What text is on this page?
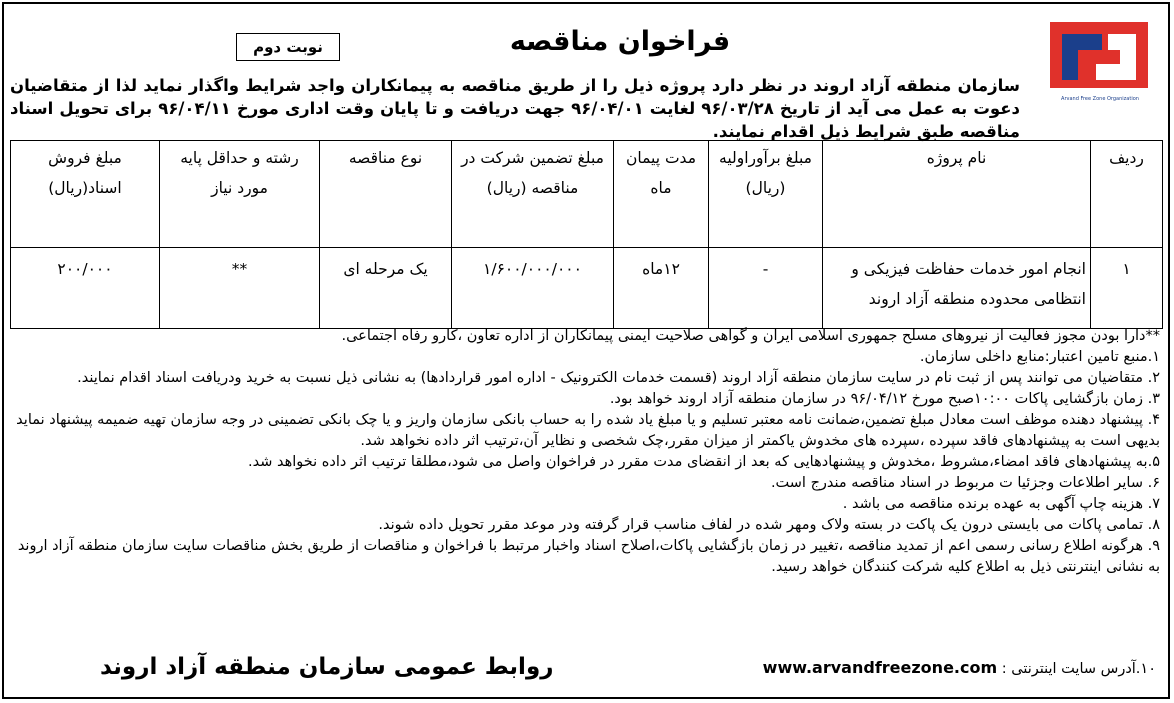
Arvand Free Zone Organization
فراخوان مناقصه
نوبت دوم
سازمان منطقه آزاد اروند در نظر دارد پروژه ذیل را از طریق مناقصه به پیمانکاران واجد شرایط واگذار نماید لذا از متقاضیان دعوت به عمل می آید از تاریخ ۹۶/۰۳/۲۸ لغایت ۹۶/۰۴/۰۱ جهت دریافت و تا پایان وقت اداری مورخ ۹۶/۰۴/۱۱ برای تحویل اسناد مناقصه طبق شرایط ذیل اقدام نمایند.
ردیف	نام پروژه	مبلغ برآوراولیه (ریال)	مدت پیمان ماه	مبلغ تضمین شرکت در مناقصه (ریال)	نوع مناقصه	رشته و حداقل پایه مورد نیاز	مبلغ فروش اسناد(ریال)
۱	انجام امور خدمات حفاظت فیزیکی و انتظامی محدوده منطقه آزاد اروند	-	۱۲ماه	۱/۶۰۰/۰۰۰/۰۰۰	یک مرحله ای	**	۲۰۰/۰۰۰

**دارا بودن مجوز فعالیت از نیروهای مسلح جمهوری اسلامی ایران و گواهی صلاحیت ایمنی پیمانکاران از اداره تعاون ،کارو رفاه اجتماعی.

۱.منبع تامین اعتبار:منابع داخلی سازمان.

۲. متقاضیان می توانند پس از ثبت نام در سایت سازمان منطقه آزاد اروند (قسمت خدمات الکترونیک - اداره امور قراردادها) به نشانی ذیل نسبت به خرید ودریافت اسناد اقدام نمایند.

۳. زمان بازگشایی پاکات ۱۰:۰۰صبح مورخ ۹۶/۰۴/۱۲ در سازمان منطقه آزاد اروند خواهد بود.

۴. پیشنهاد دهنده موظف است معادل مبلغ تضمین،ضمانت نامه معتبر تسلیم و یا مبلغ یاد شده را به حساب بانکی سازمان واریز و یا چک بانکی تضمینی در وجه سازمان تهیه ضمیمه پیشنهاد نماید بدیهی است به پیشنهادهای فاقد سپرده ،سپرده های مخدوش یاکمتر از میزان مقرر،چک شخصی و نظایر آن،ترتیب اثر داده نخواهد شد.

۵.به پیشنهادهای فاقد امضاء،مشروط ،مخدوش و پیشنهادهایی که بعد از انقضای مدت مقرر در فراخوان واصل می شود،مطلقا ترتیب اثر داده نخواهد شد.

۶. سایر اطلاعات وجزئیا ت مربوط در اسناد مناقصه مندرج است.

۷. هزینه چاپ آگهی به عهده برنده مناقصه می باشد .

۸. تمامی پاکات می بایستی درون یک پاکت در بسته ولاک ومهر شده در لفاف مناسب قرار گرفته ودر موعد مقرر تحویل داده شوند.

۹. هرگونه اطلاع رسانی رسمی اعم از تمدید مناقصه ،تغییر در زمان بازگشایی پاکات،اصلاح اسناد واخبار مرتبط با فراخوان و مناقصات از طریق بخش مناقصات سایت سازمان منطقه آزاد اروند به نشانی اینترنتی ذیل به اطلاع کلیه شرکت کنندگان خواهد رسید.

۱۰.آدرس سایت اینترنتی : www.arvandfreezone.com
روابط عمومی سازمان منطقه آزاد اروند
